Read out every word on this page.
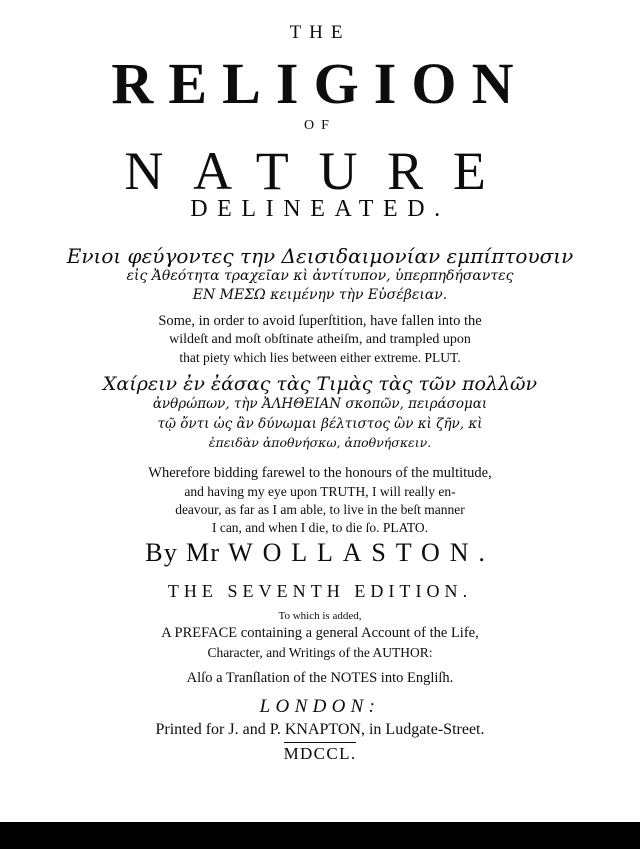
THE
RELIGION
OF
NATURE
DELINEATED.
Ενιοι φεύγοντες την Δεισιδαιμονίαν εμπίπτουσιν
εἰς Ἀθεότητα τραχεῖαν κὶ ἀντίτυπον, ὑπερπηδήσαντες
ΕΝ ΜΕΣΩ κειμένην τὴν Εὐσέβειαν.
Some, in order to avoid ſuperſtition, have fallen into the
wildeſt and moſt obſtinate atheiſm, and trampled upon
that piety which lies between either extreme. PLUT.
Χαίρειν ἐν ἐάσας τὰς Τιμὰς τὰς τῶν πολλῶν
ἀνθρώπων, τὴν ἈΛΗΘΕΙΑΝ σκοπῶν, πειράσομαι
τῷ ὄντι ὡς ἂν δύνωμαι βέλτιστος ὢν κὶ ζῆν, κὶ
ἐπειδὰν ἀποθνήσκω, ἀποθνήσκειν.
Wherefore bidding farewel to the honours of the multitude,
and having my eye upon TRUTH, I will really en-
deavour, as far as I am able, to live in the beſt manner
I can, and when I die, to die ſo. PLATO.
By Mr WOLLASTON.
THE SEVENTH EDITION.
To which is added,
A PREFACE containing a general Account of the Life,
Character, and Writings of the AUTHOR:
Alſo a Tranſlation of the NOTES into Engliſh.
LONDON:
Printed for J. and P. KNAPTON, in Ludgate-Street.
MDCCL.
